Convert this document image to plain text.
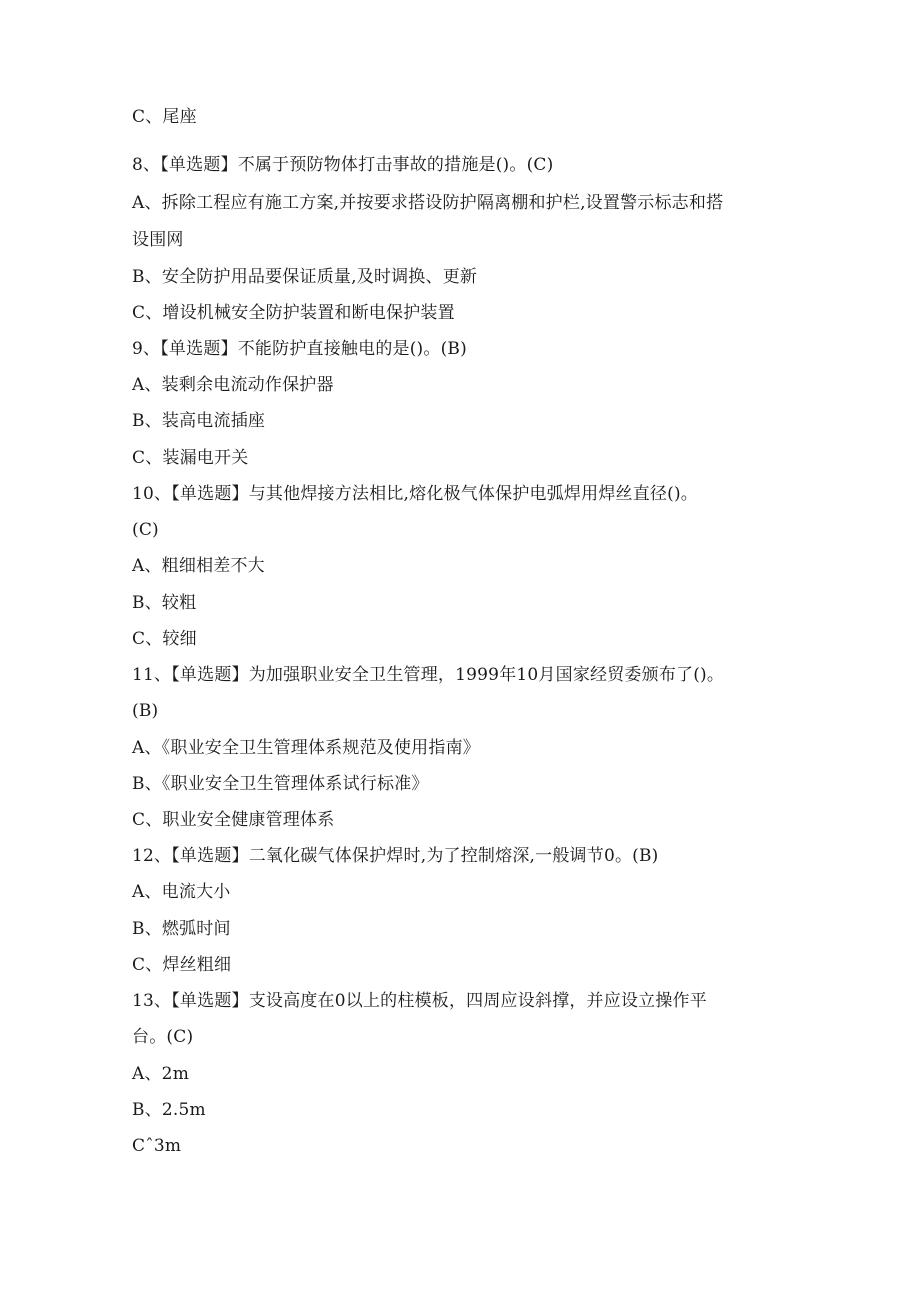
C、尾座
8、【单选题】不属于预防物体打击事故的措施是()。(C)
A、拆除工程应有施工方案,并按要求搭设防护隔离棚和护栏,设置警示标志和搭
设围网
B、安全防护用品要保证质量,及时调换、更新
C、增设机械安全防护装置和断电保护装置
9、【单选题】不能防护直接触电的是()。(B)
A、装剩余电流动作保护器
B、装高电流插座
C、装漏电开关
10、【单选题】与其他焊接方法相比,熔化极气体保护电弧焊用焊丝直径()。
(C)
A、粗细相差不大
B、较粗
C、较细
11、【单选题】为加强职业安全卫生管理，1999年10月国家经贸委颁布了()。
(B)
A、《职业安全卫生管理体系规范及使用指南》
B、《职业安全卫生管理体系试行标准》
C、职业安全健康管理体系
12、【单选题】二氧化碳气体保护焊时,为了控制熔深,一般调节0。(B)
A、电流大小
B、燃弧时间
C、焊丝粗细
13、【单选题】支设高度在0以上的柱模板，四周应设斜撑，并应设立操作平
台。(C)
A、2m
B、2.5m
Cˆ3m
